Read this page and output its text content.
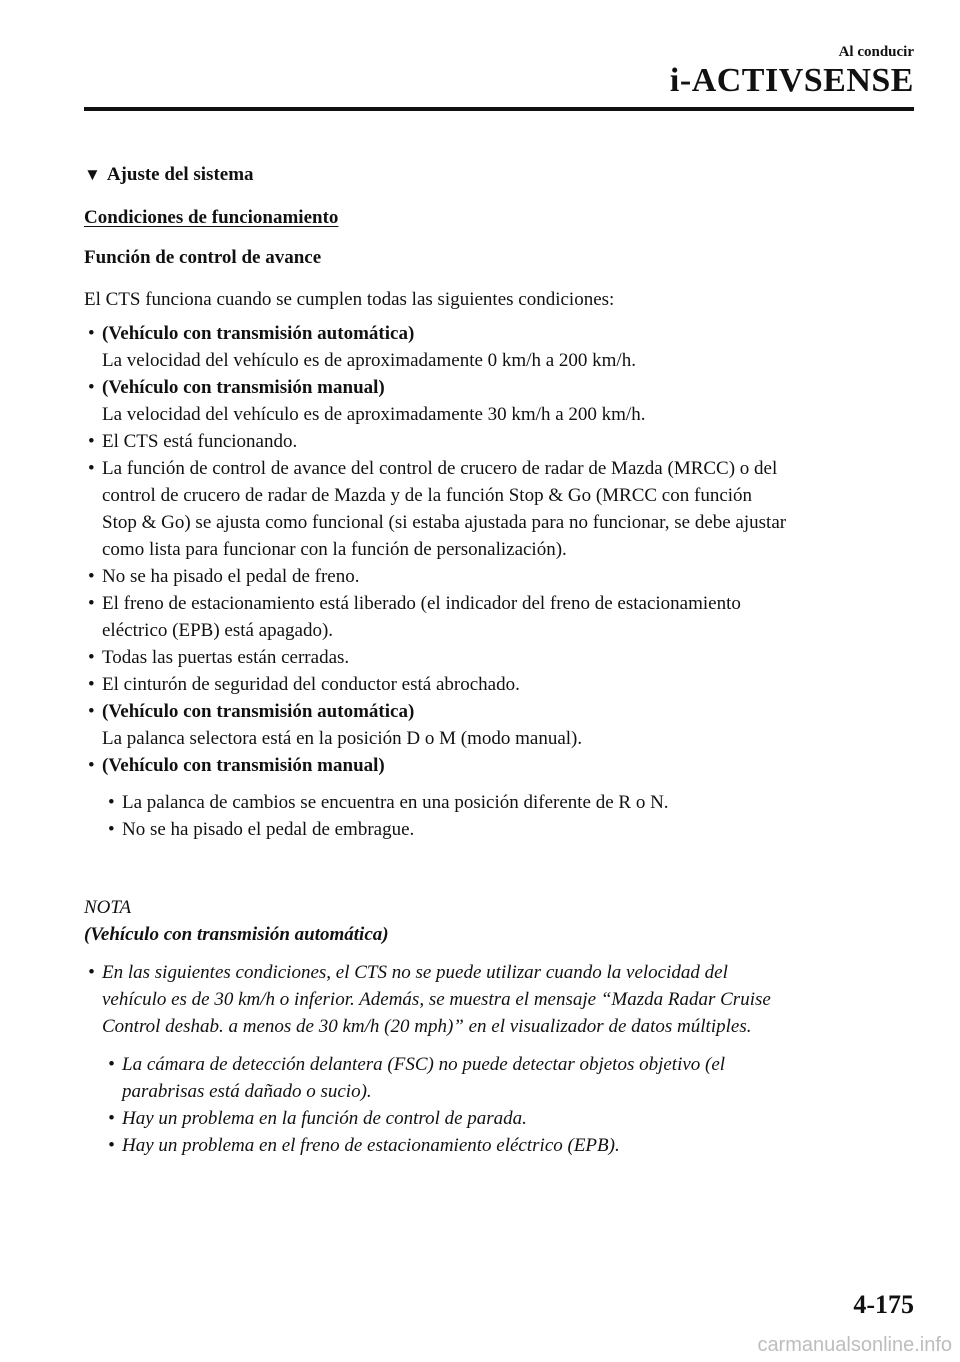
Al conducir
i-ACTIVSENSE
▼ Ajuste del sistema
Condiciones de funcionamiento
Función de control de avance
El CTS funciona cuando se cumplen todas las siguientes condiciones:
• (Vehículo con transmisión automática)
La velocidad del vehículo es de aproximadamente 0 km/h a 200 km/h.
• (Vehículo con transmisión manual)
La velocidad del vehículo es de aproximadamente 30 km/h a 200 km/h.
• El CTS está funcionando.
• La función de control de avance del control de crucero de radar de Mazda (MRCC) o del
control de crucero de radar de Mazda y de la función Stop & Go (MRCC con función
Stop & Go) se ajusta como funcional (si estaba ajustada para no funcionar, se debe ajustar
como lista para funcionar con la función de personalización).
• No se ha pisado el pedal de freno.
• El freno de estacionamiento está liberado (el indicador del freno de estacionamiento
eléctrico (EPB) está apagado).
• Todas las puertas están cerradas.
• El cinturón de seguridad del conductor está abrochado.
• (Vehículo con transmisión automática)
La palanca selectora está en la posición D o M (modo manual).
• (Vehículo con transmisión manual)
• La palanca de cambios se encuentra en una posición diferente de R o N.
• No se ha pisado el pedal de embrague.
NOTA
(Vehículo con transmisión automática)
• En las siguientes condiciones, el CTS no se puede utilizar cuando la velocidad del
vehículo es de 30 km/h o inferior. Además, se muestra el mensaje “Mazda Radar Cruise
Control deshab. a menos de 30 km/h (20 mph)” en el visualizador de datos múltiples.
• La cámara de detección delantera (FSC) no puede detectar objetos objetivo (el
parabrisas está dañado o sucio).
• Hay un problema en la función de control de parada.
• Hay un problema en el freno de estacionamiento eléctrico (EPB).
4-175
carmanualsonline.info
